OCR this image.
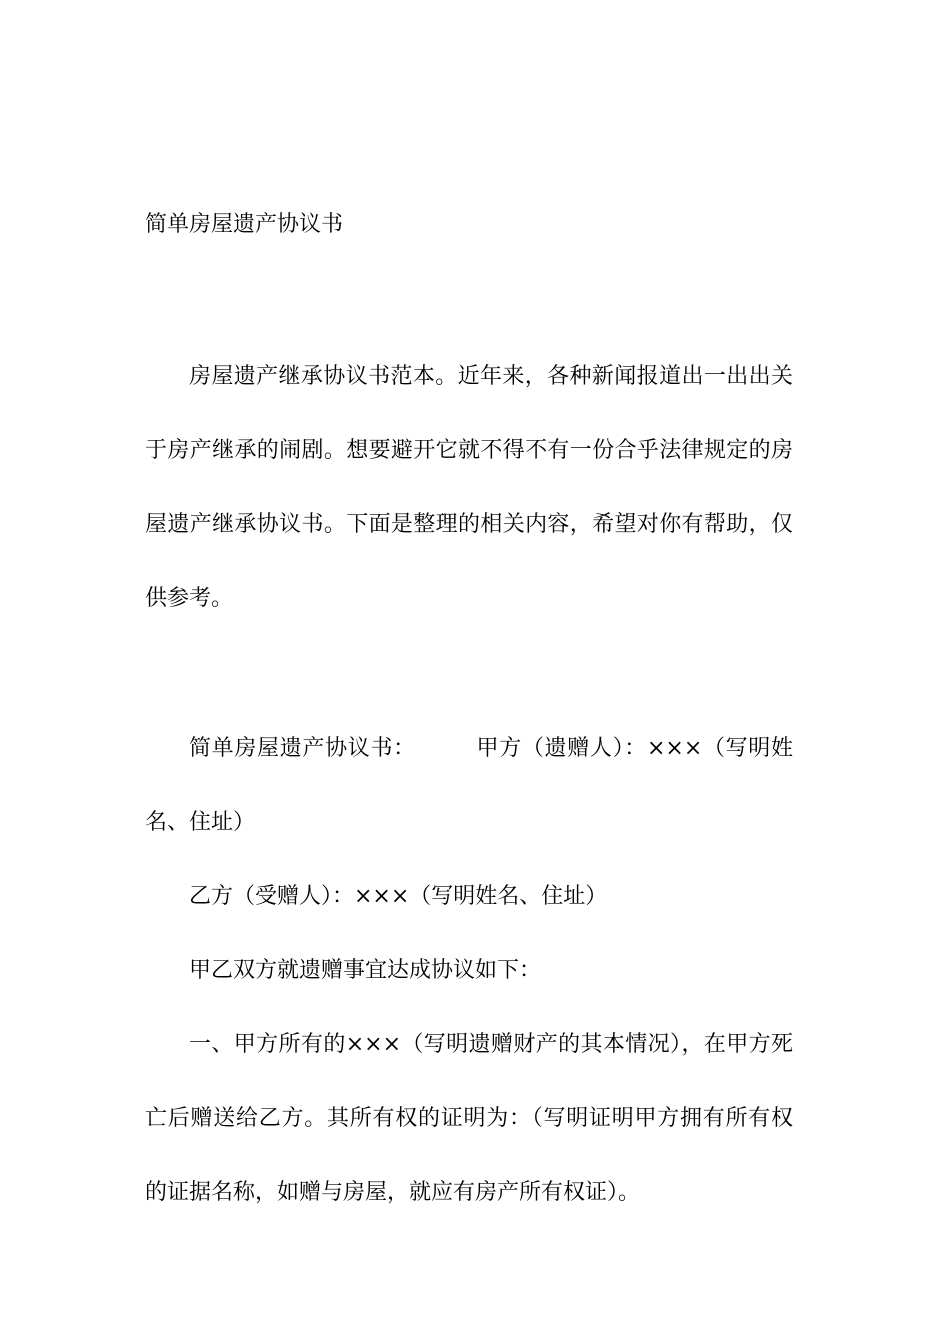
简单房屋遗产协议书

房屋遗产继承协议书范本。近年来，各种新闻报道出一出出关于房产继承的闹剧。想要避开它就不得不有一份合乎法律规定的房屋遗产继承协议书。下面是整理的相关内容，希望对你有帮助，仅供参考。

简单房屋遗产协议书：	甲方（遗赠人）：×××（写明姓名、住址）

乙方（受赠人）：×××（写明姓名、住址）

甲乙双方就遗赠事宜达成协议如下：

一、甲方所有的×××（写明遗赠财产的其本情况），在甲方死亡后赠送给乙方。其所有权的证明为：（写明证明甲方拥有所有权的证据名称，如赠与房屋，就应有房产所有权证）。
